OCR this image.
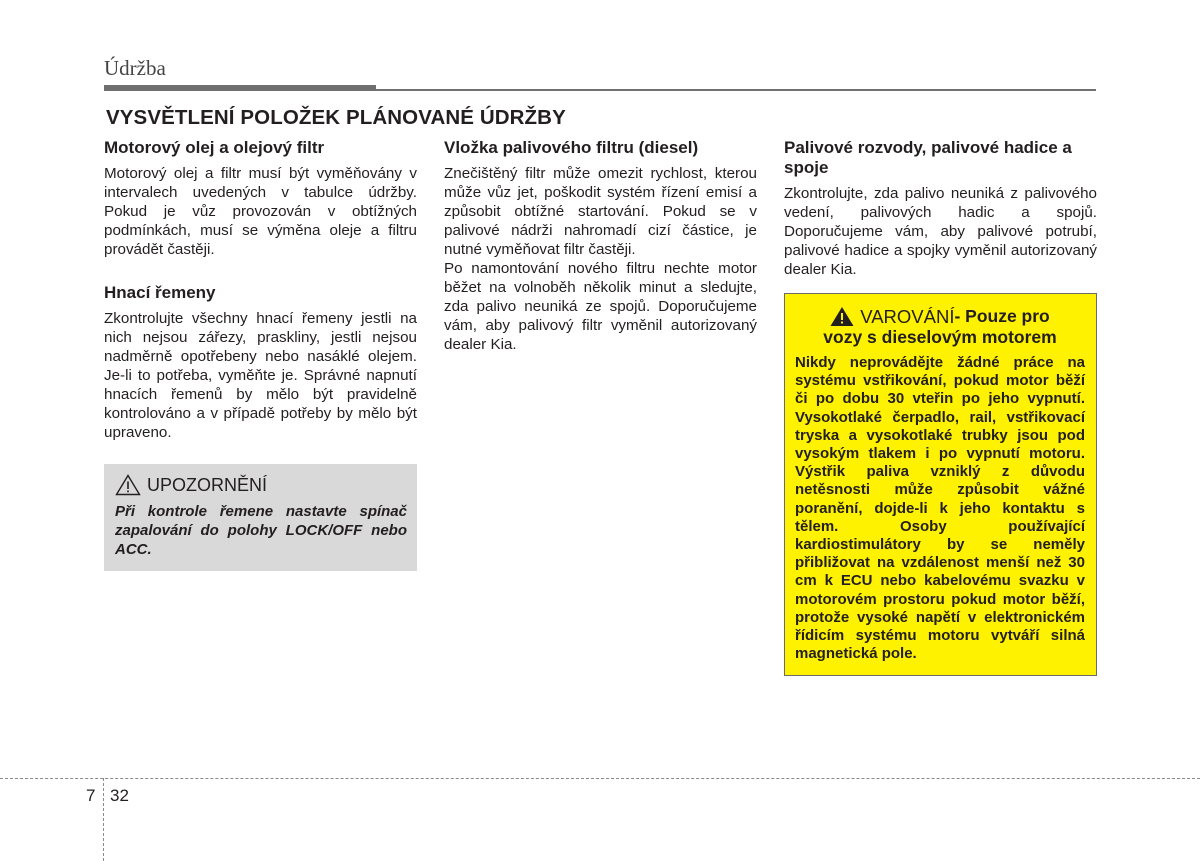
Údržba
VYSVĚTLENÍ POLOŽEK PLÁNOVANÉ ÚDRŽBY
Motorový olej a olejový filtr

Motorový olej a filtr musí být vyměňovány v intervalech uvedených v tabulce údržby. Pokud je vůz provozován v obtížných podmínkách, musí se výměna oleje a filtru provádět častěji.

Hnací řemeny

Zkontrolujte všechny hnací řemeny jestli na nich nejsou zářezy, praskliny, jestli nejsou nadměrně opotřebeny nebo nasáklé olejem. Je-li to potřeba, vyměňte je. Správné napnutí hnacích řemenů by mělo být pravidelně kontrolováno a v případě potřeby by mělo být upraveno.

UPOZORNĚNÍ

Při kontrole řemene nastavte spínač zapalování do polohy LOCK/OFF nebo ACC.

Vložka palivového filtru (diesel)

Znečištěný filtr může omezit rychlost, kterou může vůz jet, poškodit systém řízení emisí a způsobit obtížné startování. Pokud se v palivové nádrži nahromadí cizí částice, je nutné vyměňovat filtr častěji.

Po namontování nového filtru nechte motor běžet na volnoběh několik minut a sledujte, zda palivo neuniká ze spojů. Doporučujeme vám, aby palivový filtr vyměnil autorizovaný dealer Kia.

Palivové rozvody, palivové hadice a spoje

Zkontrolujte, zda palivo neuniká z palivového vedení, palivových hadic a spojů. Doporučujeme vám, aby palivové potrubí, palivové hadice a spojky vyměnil autorizovaný dealer Kia.

VAROVÁNÍ - Pouze pro
vozy s dieselovým motorem

Nikdy neprovádějte žádné práce na systému vstřikování, pokud motor běží či po dobu 30 vteřin po jeho vypnutí. Vysokotlaké čerpadlo, rail, vstřikovací tryska a vysokotlaké trubky jsou pod vysokým tlakem i po vypnutí motoru. Výstřik paliva vzniklý z důvodu netěsnosti může způsobit vážné poranění, dojde-li k jeho kontaktu s tělem. Osoby používající kardiostimulátory by se neměly přibližovat na vzdálenost menší než 30 cm k ECU nebo kabelovému svazku v motorovém prostoru pokud motor běží, protože vysoké napětí v elektronickém řídicím systému motoru vytváří silná magnetická pole.

7 32
